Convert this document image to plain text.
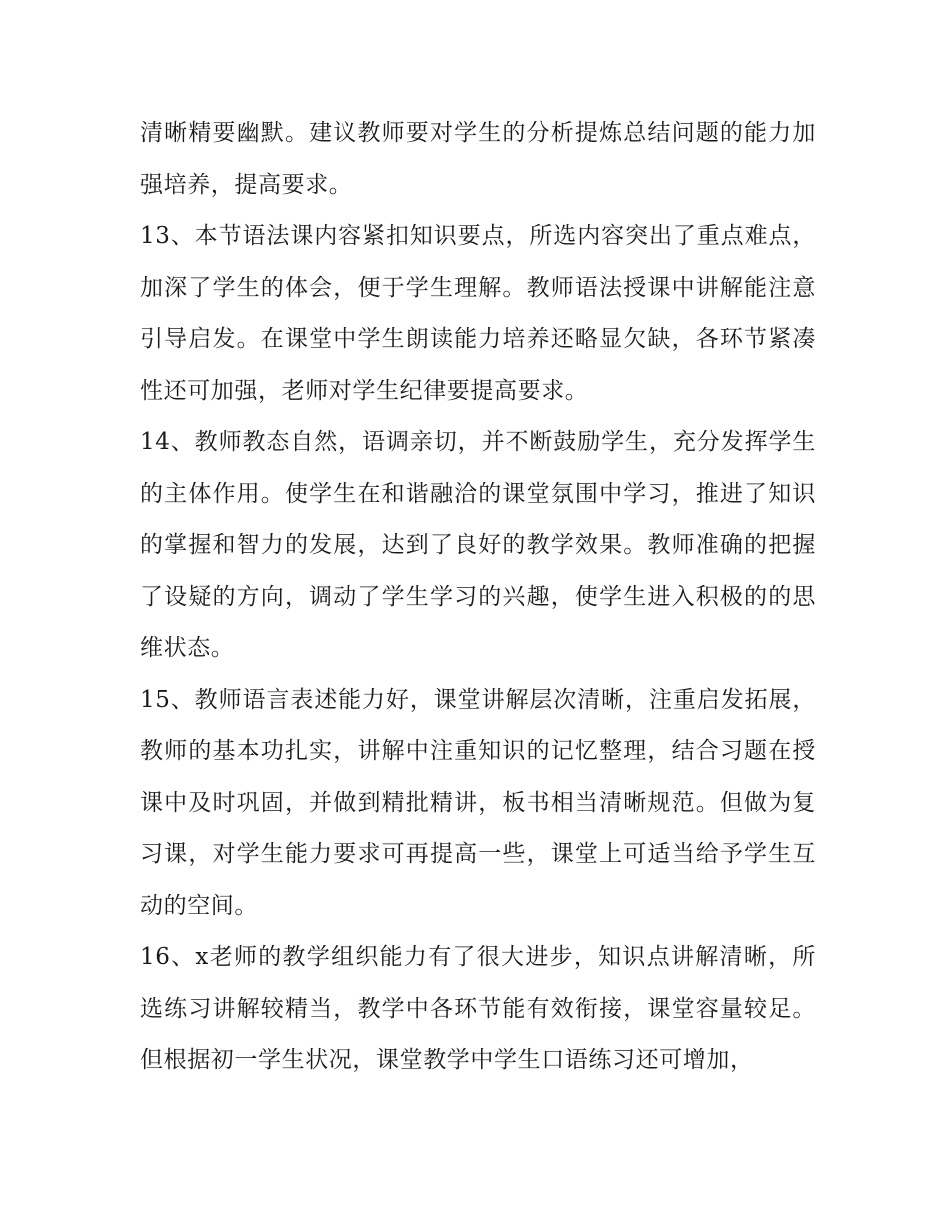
清晰精要幽默。建议教师要对学生的分析提炼总结问题的能力加强培养，提高要求。

13、本节语法课内容紧扣知识要点，所选内容突出了重点难点，加深了学生的体会，便于学生理解。教师语法授课中讲解能注意引导启发。在课堂中学生朗读能力培养还略显欠缺，各环节紧凑性还可加强，老师对学生纪律要提高要求。

14、教师教态自然，语调亲切，并不断鼓励学生，充分发挥学生的主体作用。使学生在和谐融洽的课堂氛围中学习，推进了知识的掌握和智力的发展，达到了良好的教学效果。教师准确的把握了设疑的方向，调动了学生学习的兴趣，使学生进入积极的的思维状态。

15、教师语言表述能力好，课堂讲解层次清晰，注重启发拓展，教师的基本功扎实，讲解中注重知识的记忆整理，结合习题在授课中及时巩固，并做到精批精讲，板书相当清晰规范。但做为复习课，对学生能力要求可再提高一些，课堂上可适当给予学生互动的空间。

16、x老师的教学组织能力有了很大进步，知识点讲解清晰，所选练习讲解较精当，教学中各环节能有效衔接，课堂容量较足。但根据初一学生状况，课堂教学中学生口语练习还可增加，
